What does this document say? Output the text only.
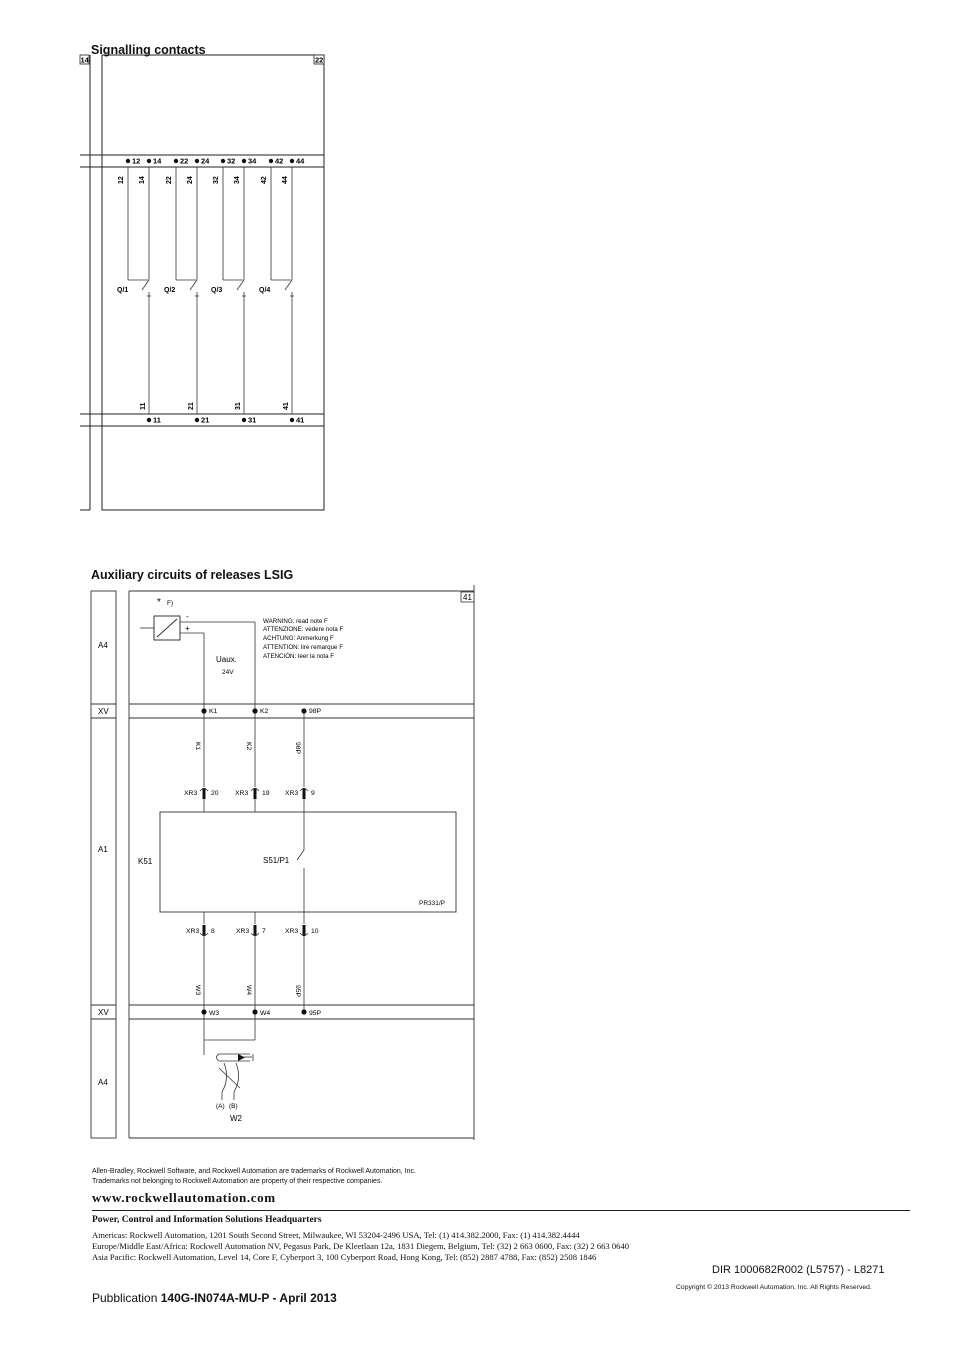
Signalling contacts
14	22
12 14 22 24 32 34 42 44
11	21	31	41
12 14	22 24	32 34	42 44
11	21	31	41
Q/1	Q/2	Q/3	Q/4
Auxiliary circuits of releases LSIG
41
A4
XV
A1
XV
A4
* F)
-
+
Uaux.
24V
WARNING: read note F
ATTENZIONE: vedere nota F
ACHTUNG: Anmerkung F
ATTENTION: lire remarque F
ATENCIÓN: leer la nota F
K1	K2	98P
W3	W4	95P
K1	K2	98P
W3	W4	95P
XR3	XR3	XR3
20	19	9
XR3	XR3	XR3
8	7	10
K51	S51/P1
PR331/P
(A) (B)
W2
Allen-Bradley, Rockwell Software, and Rockwell Automation are trademarks of Rockwell Automation, Inc.
Trademarks not belonging to Rockwell Automation are property of their respective companies.
www.rockwellautomation.com
Power, Control and Information Solutions Headquarters
Americas: Rockwell Automation, 1201 South Second Street, Milwaukee, WI 53204-2496 USA, Tel: (1) 414.382.2000, Fax: (1) 414.382.4444
Europe/Middle East/Africa: Rockwell Automation NV, Pegasus Park, De Kleetlaan 12a, 1831 Diegem, Belgium, Tel: (32) 2 663 0600, Fax: (32) 2 663 0640
Asia Pacific: Rockwell Automation, Level 14, Core F, Cyberport 3, 100 Cyberport Road, Hong Kong, Tel: (852) 2887 4788, Fax: (852) 2508 1846
DIR 1000682R002 (L5757) - L8271
Copyright © 2013 Rockwell Automation, Inc. All Rights Reserved.
Pubblication 140G-IN074A-MU-P - April 2013
